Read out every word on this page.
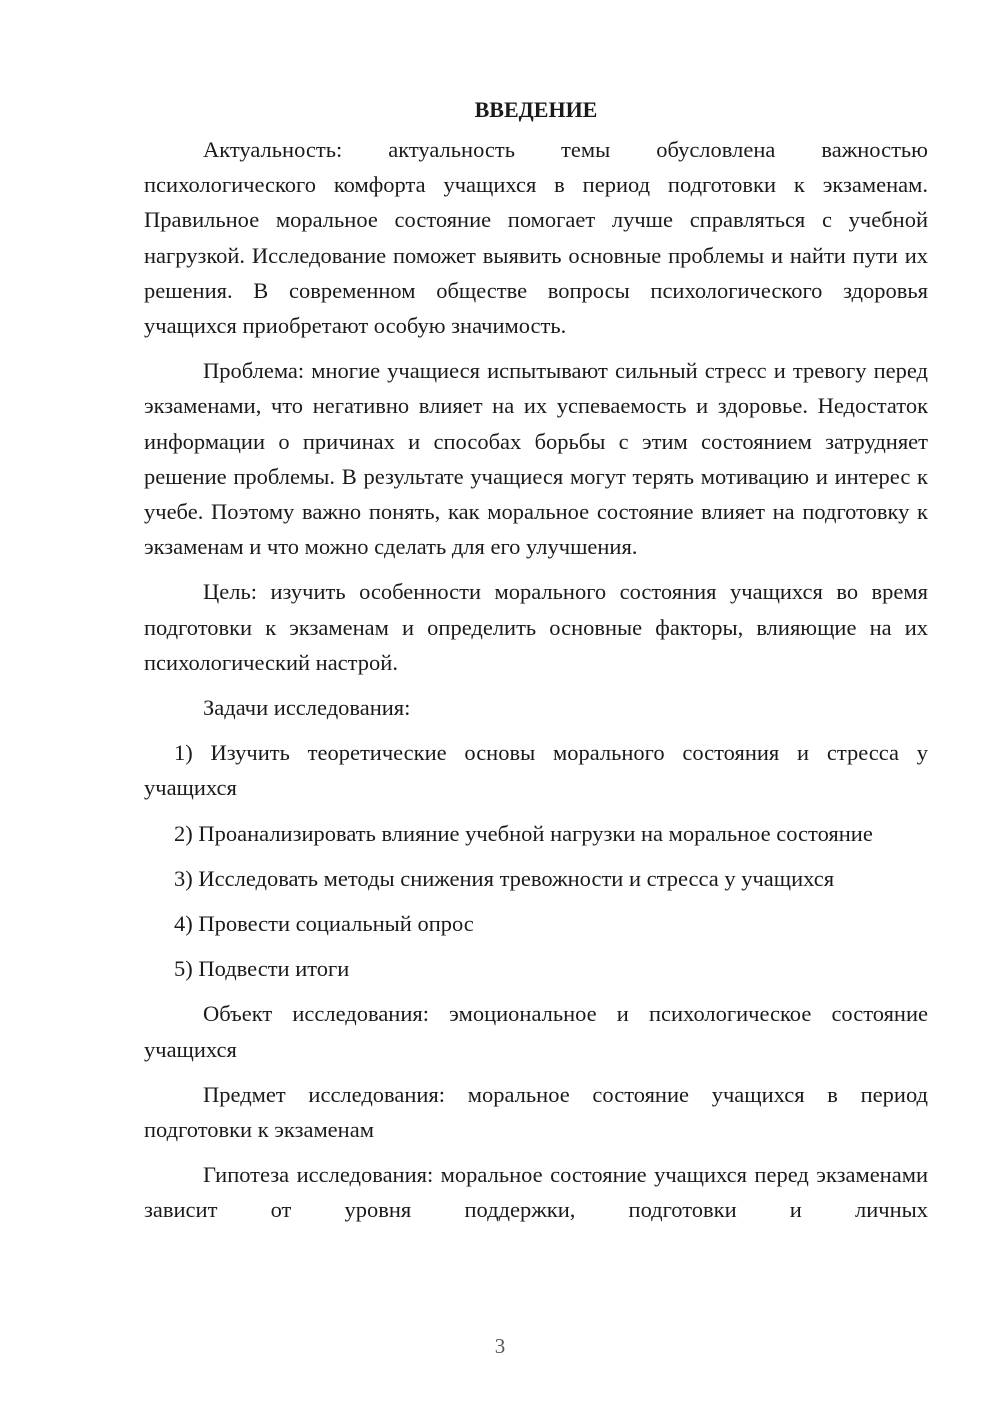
ВВЕДЕНИЕ

Актуальность: актуальность темы обусловлена важностью психологического комфорта учащихся в период подготовки к экзаменам. Правильное моральное состояние помогает лучше справляться с учебной нагрузкой. Исследование поможет выявить основные проблемы и найти пути их решения. В современном обществе вопросы психологического здоровья учащихся приобретают особую значимость.

Проблема: многие учащиеся испытывают сильный стресс и тревогу перед экзаменами, что негативно влияет на их успеваемость и здоровье. Недостаток информации о причинах и способах борьбы с этим состоянием затрудняет решение проблемы. В результате учащиеся могут терять мотивацию и интерес к учебе. Поэтому важно понять, как моральное состояние влияет на подготовку к экзаменам и что можно сделать для его улучшения.

Цель: изучить особенности морального состояния учащихся во время подготовки к экзаменам и определить основные факторы, влияющие на их психологический настрой.

Задачи исследования:

1) Изучить теоретические основы морального состояния и стресса у учащихся

2) Проанализировать влияние учебной нагрузки на моральное состояние

3) Исследовать методы снижения тревожности и стресса у учащихся

4) Провести социальный опрос

5) Подвести итоги

Объект исследования: эмоциональное и психологическое состояние учащихся

Предмет исследования: моральное состояние учащихся в период подготовки к экзаменам

Гипотеза исследования: моральное состояние учащихся перед экзаменами зависит от уровня поддержки, подготовки и личных

3
